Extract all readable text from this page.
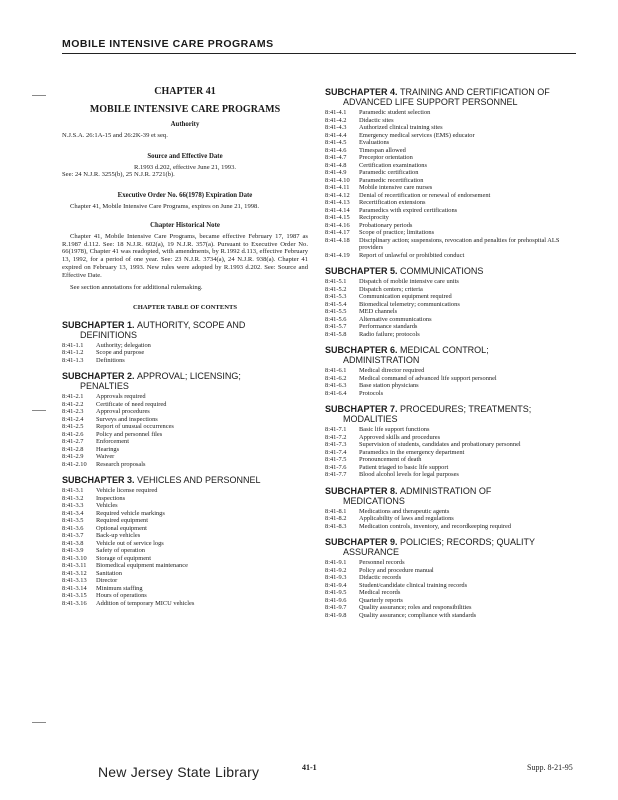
MOBILE INTENSIVE CARE PROGRAMS
CHAPTER 41
MOBILE INTENSIVE CARE PROGRAMS
Authority
N.J.S.A. 26:1A-15 and 26:2K-39 et seq.
Source and Effective Date
R.1993 d.202, effective June 21, 1993.
See: 24 N.J.R. 3255(b), 25 N.J.R. 2721(b).
Executive Order No. 66(1978) Expiration Date
Chapter 41, Mobile Intensive Care Programs, expires on June 21, 1998.
Chapter Historical Note
Chapter 41, Mobile Intensive Care Programs, became effective February 17, 1987 as R.1987 d.112. See: 18 N.J.R. 602(a), 19 N.J.R. 357(a). Pursuant to Executive Order No. 66(1978), Chapter 41 was readopted, with amendments, by R.1992 d.113, effective February 13, 1992, for a period of one year. See: 23 N.J.R. 3734(a), 24 N.J.R. 938(a). Chapter 41 expired on February 13, 1993. New rules were adopted by R.1993 d.202. See: Source and Effective Date.
See section annotations for additional rulemaking.
CHAPTER TABLE OF CONTENTS
SUBCHAPTER 1. AUTHORITY, SCOPE AND
DEFINITIONS
8:41-1.1	Authority; delegation
8:41-1.2	Scope and purpose
8:41-1.3	Definitions
SUBCHAPTER 2. APPROVAL; LICENSING;
PENALTIES
8:41-2.1	Approvals required
8:41-2.2	Certificate of need required
8:41-2.3	Approval procedures
8:41-2.4	Surveys and inspections
8:41-2.5	Report of unusual occurrences
8:41-2.6	Policy and personnel files
8:41-2.7	Enforcement
8:41-2.8	Hearings
8:41-2.9	Waiver
8:41-2.10	Research proposals
SUBCHAPTER 3. VEHICLES AND PERSONNEL
8:41-3.1	Vehicle license required
8:41-3.2	Inspections
8:41-3.3	Vehicles
8:41-3.4	Required vehicle markings
8:41-3.5	Required equipment
8:41-3.6	Optional equipment
8:41-3.7	Back-up vehicles
8:41-3.8	Vehicle out of service logs
8:41-3.9	Safety of operation
8:41-3.10	Storage of equipment
8:41-3.11	Biomedical equipment maintenance
8:41-3.12	Sanitation
8:41-3.13	Director
8:41-3.14	Minimum staffing
8:41-3.15	Hours of operations
8:41-3.16	Addition of temporary MICU vehicles
SUBCHAPTER 4. TRAINING AND CERTIFICATION OF
ADVANCED LIFE SUPPORT PERSONNEL
8:41-4.1	Paramedic student selection
8:41-4.2	Didactic sites
8:41-4.3	Authorized clinical training sites
8:41-4.4	Emergency medical services (EMS) educator
8:41-4.5	Evaluations
8:41-4.6	Timespan allowed
8:41-4.7	Preceptor orientation
8:41-4.8	Certification examinations
8:41-4.9	Paramedic certification
8:41-4.10	Paramedic recertification
8:41-4.11	Mobile intensive care nurses
8:41-4.12	Denial of recertification or renewal of endorsement
8:41-4.13	Recertification extensions
8:41-4.14	Paramedics with expired certifications
8:41-4.15	Reciprocity
8:41-4.16	Probationary periods
8:41-4.17	Scope of practice; limitations
8:41-4.18	Disciplinary action; suspensions, revocation and penalties for prehospital ALS providers
8:41-4.19	Report of unlawful or prohibited conduct
SUBCHAPTER 5. COMMUNICATIONS
8:41-5.1	Dispatch of mobile intensive care units
8:41-5.2	Dispatch centers; criteria
8:41-5.3	Communication equipment required
8:41-5.4	Biomedical telemetry; communications
8:41-5.5	MED channels
8:41-5.6	Alternative communications
8:41-5.7	Performance standards
8:41-5.8	Radio failure; protocols
SUBCHAPTER 6. MEDICAL CONTROL;
ADMINISTRATION
8:41-6.1	Medical director required
8:41-6.2	Medical command of advanced life support personnel
8:41-6.3	Base station physicians
8:41-6.4	Protocols
SUBCHAPTER 7. PROCEDURES; TREATMENTS;
MODALITIES
8:41-7.1	Basic life support functions
8:41-7.2	Approved skills and procedures
8:41-7.3	Supervision of students, candidates and probationary personnel
8:41-7.4	Paramedics in the emergency department
8:41-7.5	Pronouncement of death
8:41-7.6	Patient triaged to basic life support
8:41-7.7	Blood alcohol levels for legal purposes
SUBCHAPTER 8. ADMINISTRATION OF
MEDICATIONS
8:41-8.1	Medications and therapeutic agents
8:41-8.2	Applicability of laws and regulations
8:41-8.3	Medication controls, inventory, and recordkeeping required
SUBCHAPTER 9. POLICIES; RECORDS; QUALITY
ASSURANCE
8:41-9.1	Personnel records
8:41-9.2	Policy and procedure manual
8:41-9.3	Didactic records
8:41-9.4	Student/candidate clinical training records
8:41-9.5	Medical records
8:41-9.6	Quarterly reports
8:41-9.7	Quality assurance; roles and responsibilities
8:41-9.8	Quality assurance; compliance with standards
New Jersey State Library	41-1	Supp. 8-21-95
